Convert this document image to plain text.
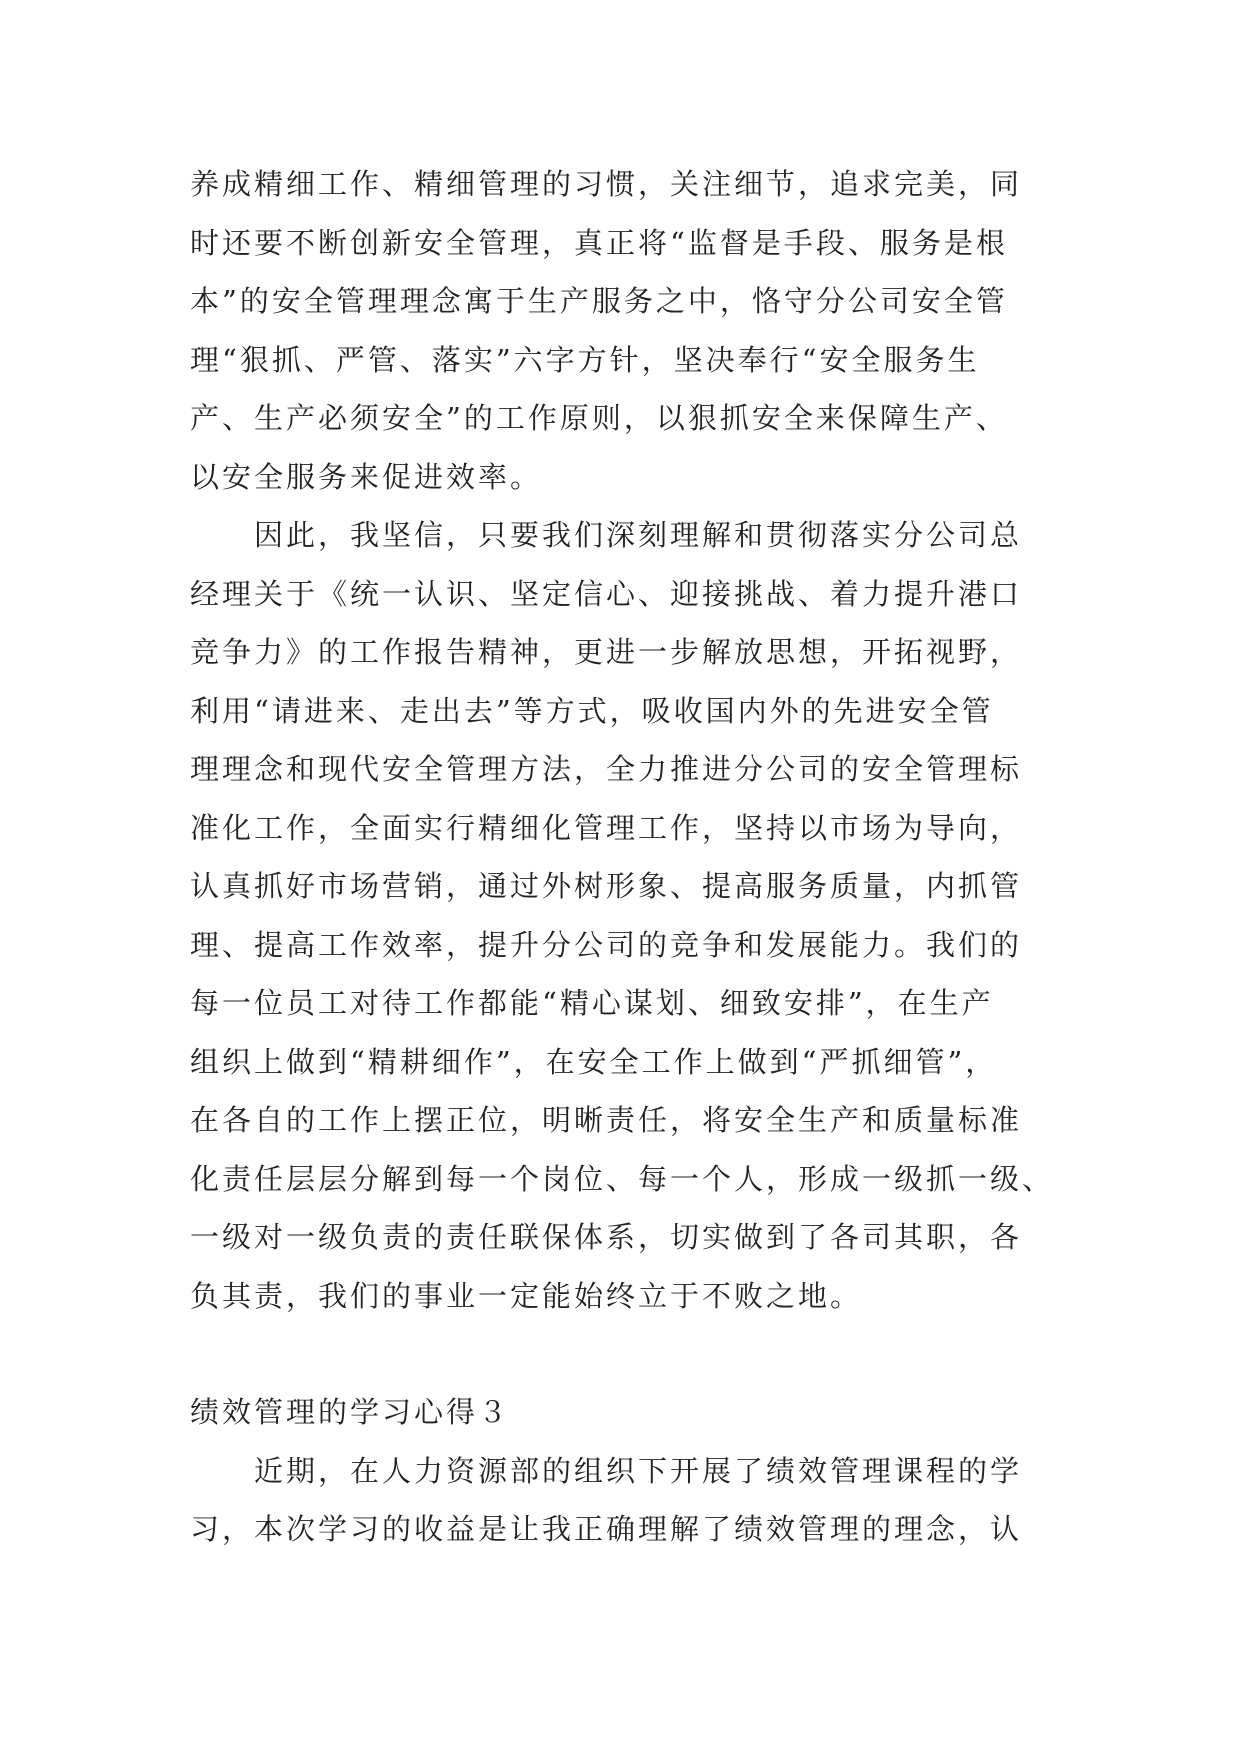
养成精细工作、精细管理的习惯，关注细节，追求完美，同
时还要不断创新安全管理，真正将“监督是手段、服务是根
本”的安全管理理念寓于生产服务之中，恪守分公司安全管
理“狠抓、严管、落实”六字方针，坚决奉行“安全服务生
产、生产必须安全”的工作原则，以狠抓安全来保障生产、
以安全服务来促进效率。
因此，我坚信，只要我们深刻理解和贯彻落实分公司总
经理关于《统一认识、坚定信心、迎接挑战、着力提升港口
竞争力》的工作报告精神，更进一步解放思想，开拓视野，
利用“请进来、走出去”等方式，吸收国内外的先进安全管
理理念和现代安全管理方法，全力推进分公司的安全管理标
准化工作，全面实行精细化管理工作，坚持以市场为导向，
认真抓好市场营销，通过外树形象、提高服务质量，内抓管
理、提高工作效率，提升分公司的竞争和发展能力。我们的
每一位员工对待工作都能“精心谋划、细致安排”，在生产
组织上做到“精耕细作”，在安全工作上做到“严抓细管”，
在各自的工作上摆正位，明晰责任，将安全生产和质量标准
化责任层层分解到每一个岗位、每一个人，形成一级抓一级、
一级对一级负责的责任联保体系，切实做到了各司其职，各
负其责，我们的事业一定能始终立于不败之地。
绩效管理的学习心得３
近期，在人力资源部的组织下开展了绩效管理课程的学
习，本次学习的收益是让我正确理解了绩效管理的理念，认
